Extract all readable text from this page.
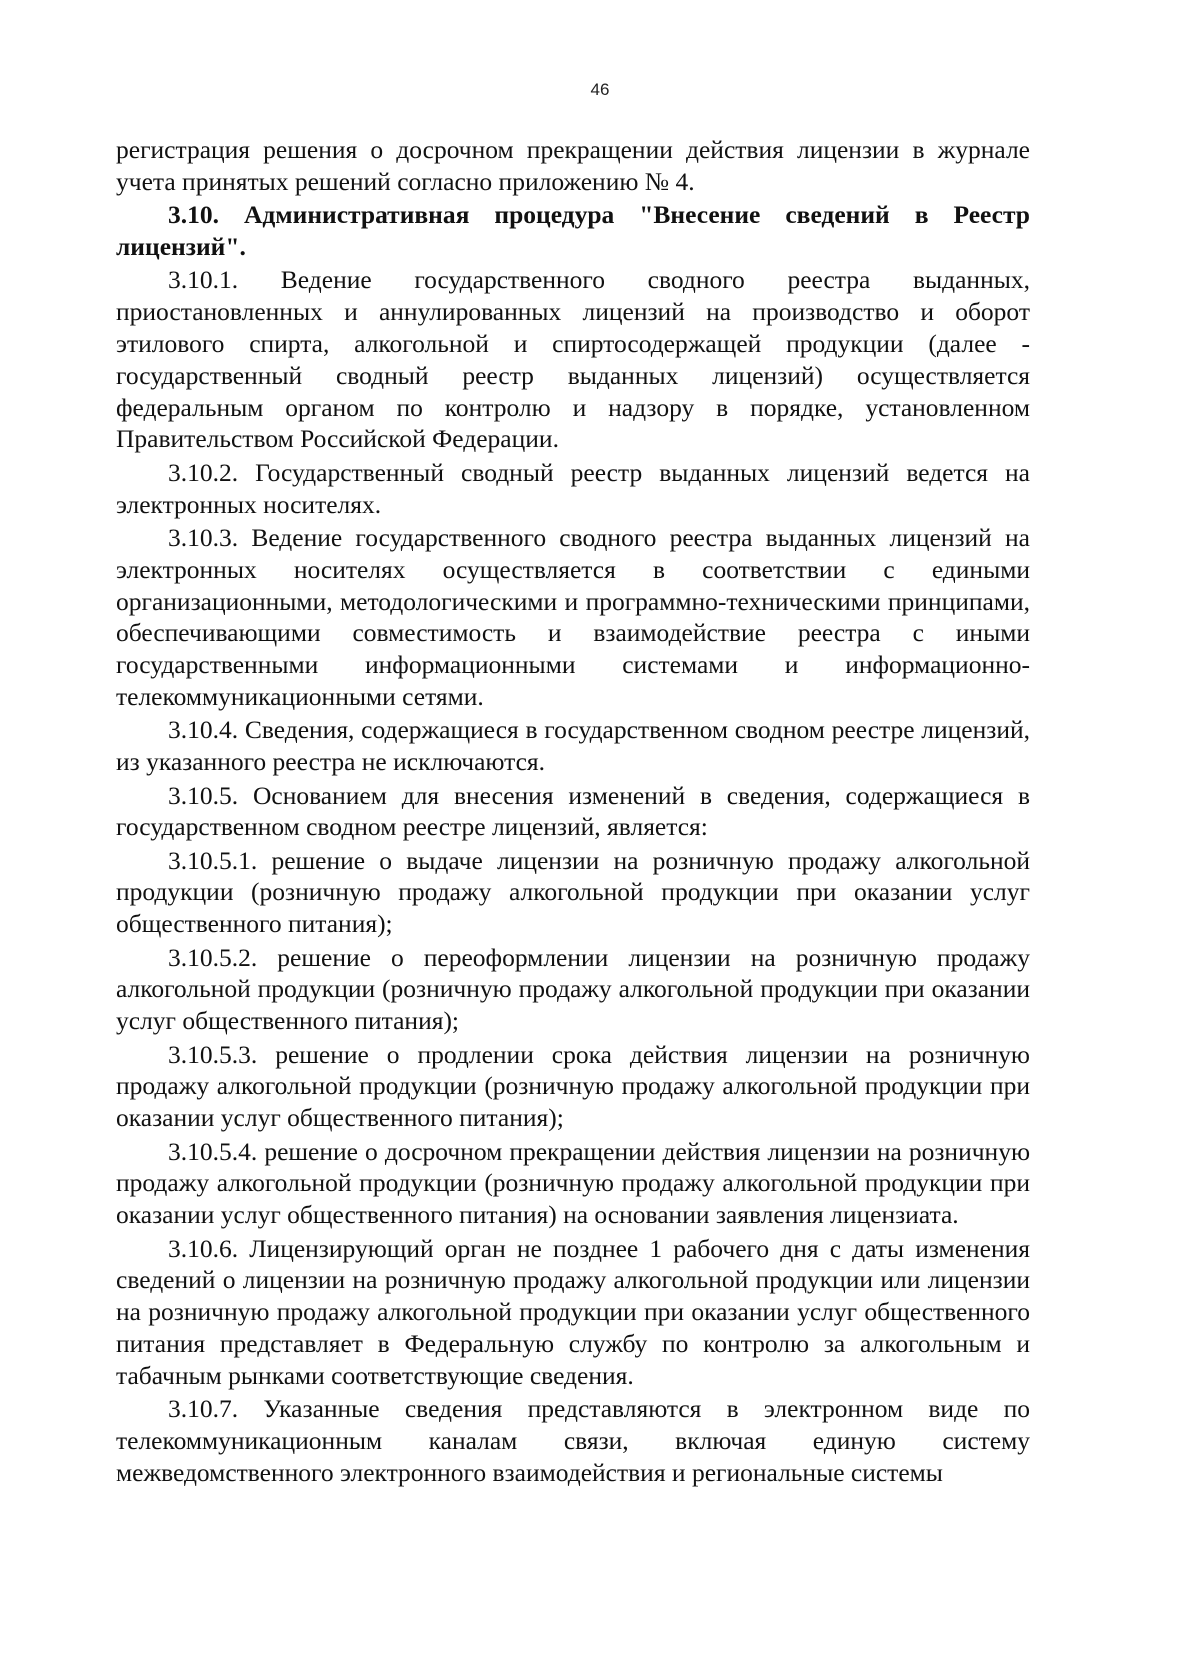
46

регистрация решения о досрочном прекращении действия лицензии в журнале учета принятых решений согласно приложению № 4.

3.10. Административная процедура "Внесение сведений в Реестр лицензий".

3.10.1. Ведение государственного сводного реестра выданных, приостановленных и аннулированных лицензий на производство и оборот этилового спирта, алкогольной и спиртосодержащей продукции (далее - государственный сводный реестр выданных лицензий) осуществляется федеральным органом по контролю и надзору в порядке, установленном Правительством Российской Федерации.

3.10.2. Государственный сводный реестр выданных лицензий ведется на электронных носителях.

3.10.3. Ведение государственного сводного реестра выданных лицензий на электронных носителях осуществляется в соответствии с едиными организационными, методологическими и программно-техническими принципами, обеспечивающими совместимость и взаимодействие реестра с иными государственными информационными системами и информационно-телекоммуникационными сетями.

3.10.4. Сведения, содержащиеся в государственном сводном реестре лицензий, из указанного реестра не исключаются.

3.10.5. Основанием для внесения изменений в сведения, содержащиеся в государственном сводном реестре лицензий, является:

3.10.5.1. решение о выдаче лицензии на розничную продажу алкогольной продукции (розничную продажу алкогольной продукции при оказании услуг общественного питания);

3.10.5.2. решение о переоформлении лицензии на розничную продажу алкогольной продукции (розничную продажу алкогольной продукции при оказании услуг общественного питания);

3.10.5.3. решение о продлении срока действия лицензии на розничную продажу алкогольной продукции (розничную продажу алкогольной продукции при оказании услуг общественного питания);

3.10.5.4. решение о досрочном прекращении действия лицензии на розничную продажу алкогольной продукции (розничную продажу алкогольной продукции при оказании услуг общественного питания) на основании заявления лицензиата.

3.10.6. Лицензирующий орган не позднее 1 рабочего дня с даты изменения сведений о лицензии на розничную продажу алкогольной продукции или лицензии на розничную продажу алкогольной продукции при оказании услуг общественного питания представляет в Федеральную службу по контролю за алкогольным и табачным рынками соответствующие сведения.

3.10.7. Указанные сведения представляются в электронном виде по телекоммуникационным каналам связи, включая единую систему межведомственного электронного взаимодействия и региональные системы
